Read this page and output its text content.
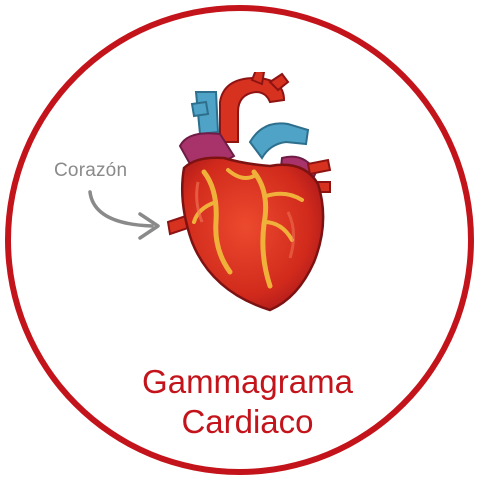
Corazón
Gammagrama
Cardiaco
